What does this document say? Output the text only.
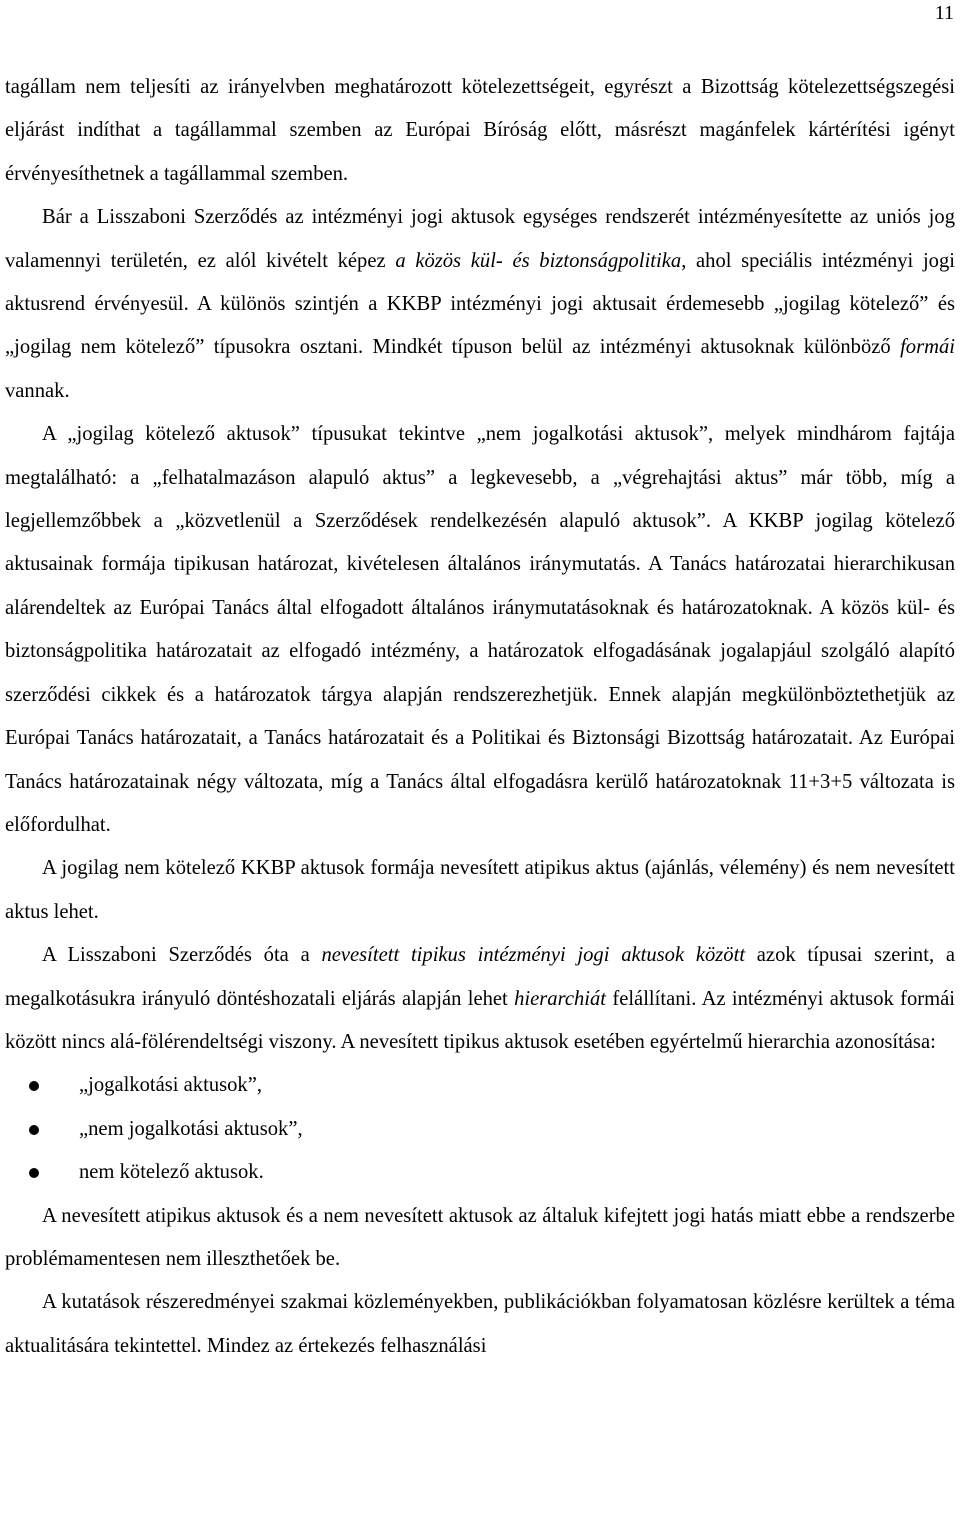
11

tagállam nem teljesíti az irányelvben meghatározott kötelezettségeit, egyrészt a Bizottság kötelezettségszegési eljárást indíthat a tagállammal szemben az Európai Bíróság előtt, másrészt magánfelek kártérítési igényt érvényesíthetnek a tagállammal szemben.

Bár a Lisszaboni Szerződés az intézményi jogi aktusok egységes rendszerét intézményesítette az uniós jog valamennyi területén, ez alól kivételt képez a közös kül- és biztonságpolitika, ahol speciális intézményi jogi aktusrend érvényesül. A különös szintjén a KKBP intézményi jogi aktusait érdemesebb „jogilag kötelező” és „jogilag nem kötelező” típusokra osztani. Mindkét típuson belül az intézményi aktusoknak különböző formái vannak.

A „jogilag kötelező aktusok” típusukat tekintve „nem jogalkotási aktusok”, melyek mindhárom fajtája megtalálható: a „felhatalmazáson alapuló aktus” a legkevesebb, a „végrehajtási aktus” már több, míg a legjellemzőbbek a „közvetlenül a Szerződések rendelkezésén alapuló aktusok”. A KKBP jogilag kötelező aktusainak formája tipikusan határozat, kivételesen általános iránymutatás. A Tanács határozatai hierarchikusan alárendeltek az Európai Tanács által elfogadott általános iránymutatásoknak és határozatoknak. A közös kül- és biztonságpolitika határozatait az elfogadó intézmény, a határozatok elfogadásának jogalapjául szolgáló alapító szerződési cikkek és a határozatok tárgya alapján rendszerezhetjük. Ennek alapján megkülönböztethetjük az Európai Tanács határozatait, a Tanács határozatait és a Politikai és Biztonsági Bizottság határozatait. Az Európai Tanács határozatainak négy változata, míg a Tanács által elfogadásra kerülő határozatoknak 11+3+5 változata is előfordulhat.

A jogilag nem kötelező KKBP aktusok formája nevesített atipikus aktus (ajánlás, vélemény) és nem nevesített aktus lehet.

A Lisszaboni Szerződés óta a nevesített tipikus intézményi jogi aktusok között azok típusai szerint, a megalkotásukra irányuló döntéshozatali eljárás alapján lehet hierarchiát felállítani. Az intézményi aktusok formái között nincs alá-fölérendeltségi viszony. A nevesített tipikus aktusok esetében egyértelmű hierarchia azonosítása:

„jogalkotási aktusok”,
„nem jogalkotási aktusok”,
nem kötelező aktusok.

A nevesített atipikus aktusok és a nem nevesített aktusok az általuk kifejtett jogi hatás miatt ebbe a rendszerbe problémamentesen nem illeszthetőek be.

A kutatások részeredményei szakmai közleményekben, publikációkban folyamatosan közlésre kerültek a téma aktualitására tekintettel. Mindez az értekezés felhasználási
